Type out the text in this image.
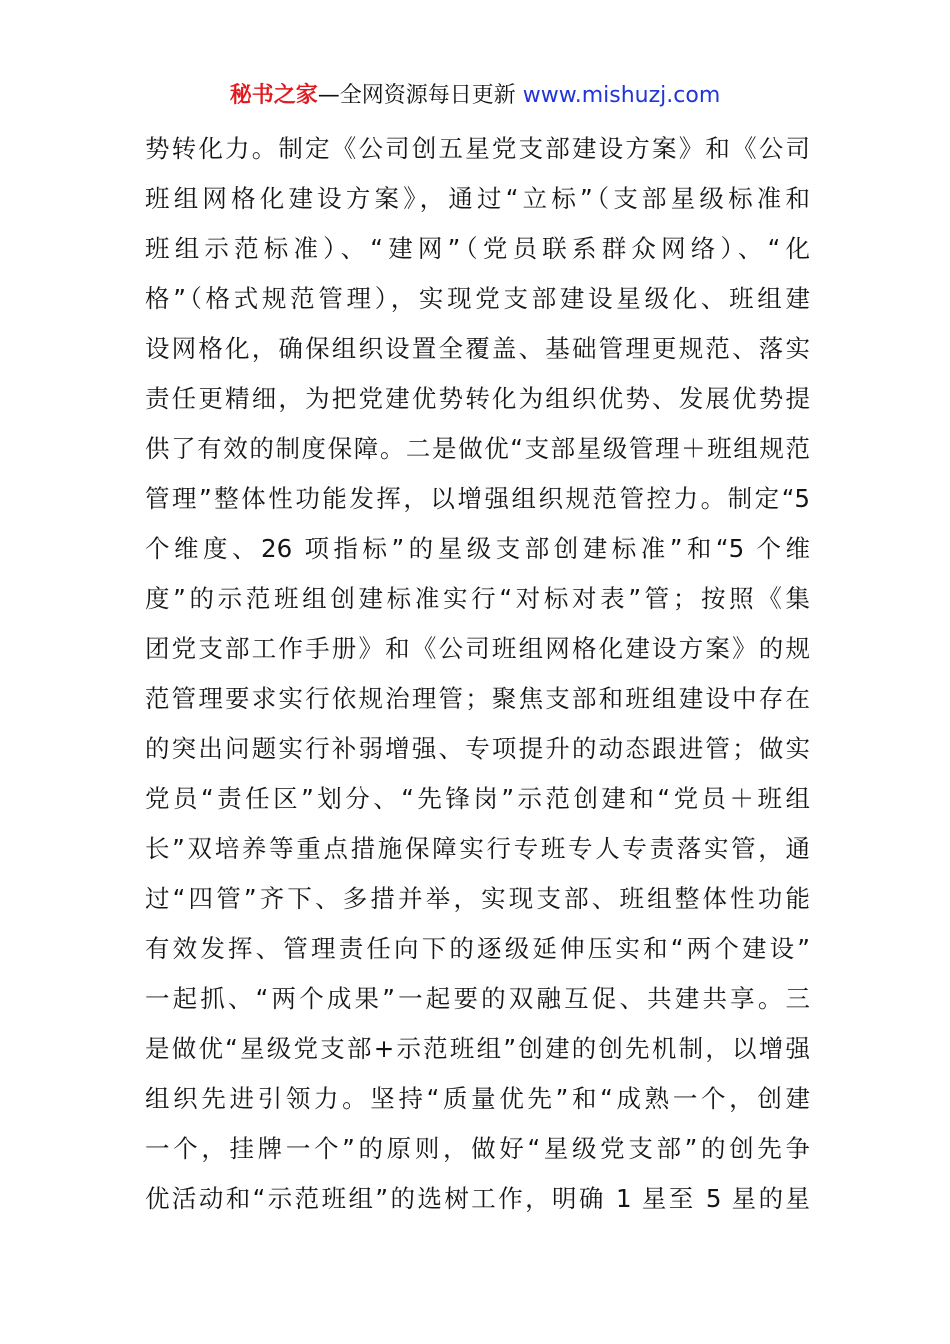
秘书之家—全网资源每日更新 www.mishuzj.com
势转化力。制定《公司创五星党支部建设方案》和《公司
班组网格化建设方案》，通过“立标”（支部星级标准和
班组示范标准）、“建网”（党员联系群众网络）、“化
格”（格式规范管理），实现党支部建设星级化、班组建
设网格化，确保组织设置全覆盖、基础管理更规范、落实
责任更精细，为把党建优势转化为组织优势、发展优势提
供了有效的制度保障。二是做优“支部星级管理＋班组规范
管理”整体性功能发挥，以增强组织规范管控力。制定“5
个维度、26 项指标”的星级支部创建标准”和“5 个维
度”的示范班组创建标准实行“对标对表”管；按照《集
团党支部工作手册》和《公司班组网格化建设方案》的规
范管理要求实行依规治理管；聚焦支部和班组建设中存在
的突出问题实行补弱增强、专项提升的动态跟进管；做实
党员“责任区”划分、“先锋岗”示范创建和“党员＋班组
长”双培养等重点措施保障实行专班专人专责落实管，通
过“四管”齐下、多措并举，实现支部、班组整体性功能
有效发挥、管理责任向下的逐级延伸压实和“两个建设”
一起抓、“两个成果”一起要的双融互促、共建共享。三
是做优“星级党支部+示范班组”创建的创先机制，以增强
组织先进引领力。坚持“质量优先”和“成熟一个，创建
一个，挂牌一个”的原则，做好“星级党支部”的创先争
优活动和“示范班组”的选树工作，明确 1 星至 5 星的星
